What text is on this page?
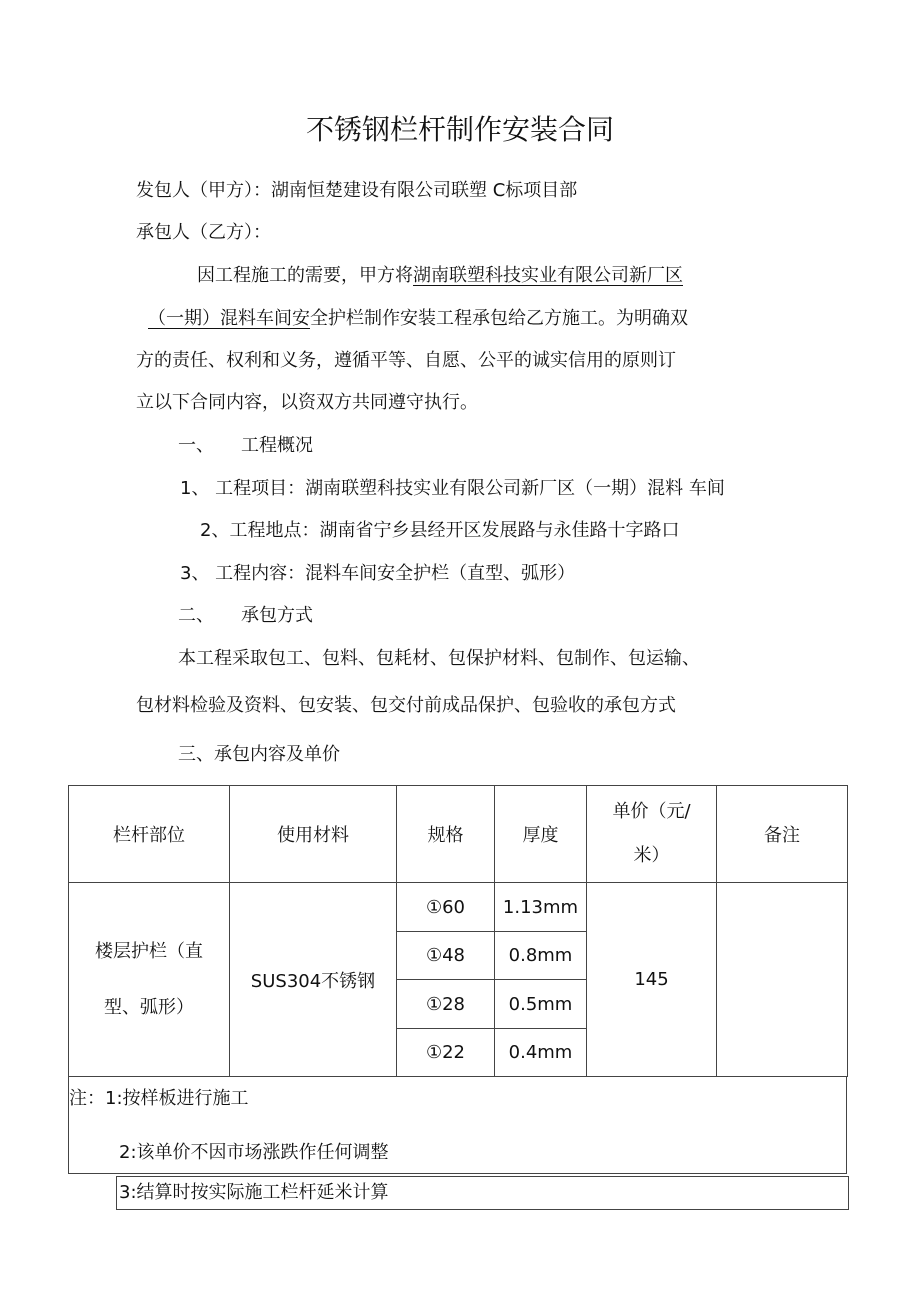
不锈钢栏杆制作安装合同
发包人（甲方）：湖南恒楚建设有限公司联塑 C标项目部
承包人（乙方）：
因工程施工的需要，甲方将湖南联塑科技实业有限公司新厂区
（一期）混料车间安全护栏制作安装工程承包给乙方施工。为明确双
方的责任、权利和义务，遵循平等、自愿、公平的诚实信用的原则订
立以下合同内容，以资双方共同遵守执行。
一、 工程概况
1、 工程项目：湖南联塑科技实业有限公司新厂区（一期）混料 车间
2、工程地点：湖南省宁乡县经开区发展路与永佳路十字路口
3、 工程内容：混料车间安全护栏（直型、弧形）
二、 承包方式
本工程采取包工、包料、包耗材、包保护材料、包制作、包运输、
包材料检验及资料、包安装、包交付前成品保护、包验收的承包方式
三、承包内容及单价
栏杆部位	使用材料	规格	厚度	单价（元/
米）	备注

楼层护栏（直
型、弧形）	SUS304不锈钢	①60	1.13mm	145	
		①48	0.8mm		
		①28	0.5mm		
		①22	0.4mm		
注：1:按样板进行施工
2:该单价不因市场涨跌作任何调整
3:结算时按实际施工栏杆延米计算
